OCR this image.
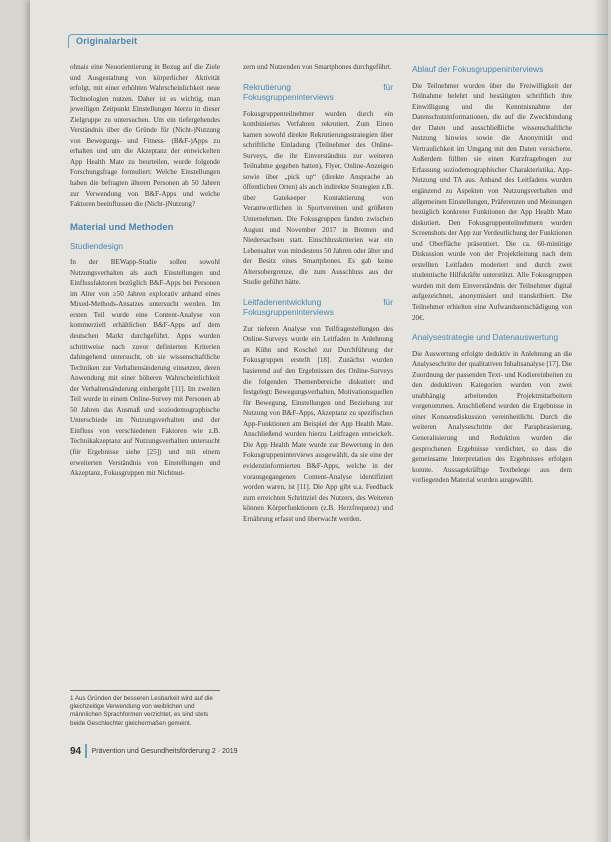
Originalarbeit

ohnais eine Neuorientierung in Bezug auf die Ziele und Ausgestaltung von körperlicher Aktivität erfolgt, mit einer erhöhten Wahrscheinlichkeit neue Technologien nutzen. Daher ist es wichtig, man jeweiligen Zeitpunkt Einstellungen hierzu in dieser Zielgruppe zu untersuchen. Um ein tiefergehendes Verständnis über die Gründe für (Nicht-)Nutzung von Bewegungs- und Fitness- (B&F-)Apps zu erhalten und um die Akzeptanz der entwickelten App Health Mate zu beurteilen, wurde folgende Forschungsfrage formuliert: Welche Einstellungen haben die befragten älteren Personen ab 50 Jahren zur Verwendung von B&F-Apps und welche Faktoren beeinflussen die (Nicht-)Nutzung?

Material und Methoden
Studiendesign

In der BEWapp-Studie sollen sowohl Nutzungsverhalten als auch Einstellungen und Einflussfaktoren bezüglich B&F-Apps bei Personen im Alter von ≥50 Jahren explorativ anhand eines Mixed-Methods-Ansatzes untersucht werden. Im ersten Teil wurde eine Content-Analyse von kommerziell erhältlichen B&F-Apps auf dem deutschen Markt durchgeführt. Apps wurden schrittweise nach zuvor definierten Kriterien dahingehend untersucht, ob sie wissenschaftliche Techniken zur Verhaltensänderung einsetzen, deren Anwendung mit einer höheren Wahrscheinlichkeit der Verhaltensänderung einhergeht [11]. Im zweiten Teil wurde in einem Online-Survey mit Personen ab 50 Jahren das Ausmaß und soziodemographische Unterschiede im Nutzungsverhalten und der Einfluss von verschiedenen Faktoren wie z.B. Technikakzeptanz auf Nutzungsverhalten untersucht (für Ergebnisse siehe [25]) und mit einem erweiterten Verständnis von Einstellungen und Akzeptanz, Fokusgruppen mit Nichtnut-

1 Aus Gründen der besseren Lesbarkeit wird auf die gleichzeitige Verwendung von weiblichen und männlichen Sprachformen verzichtet, es sind stets beide Geschlechter gleichermaßen gemeint.

zern und Nutzenden von Smartphones durchgeführt.

Rekrutierung für Fokusgruppeninterviews

Fokusgruppenteilnehmer wurden durch ein kombiniertes Verfahren rekrutiert. Zum Einen kamen sowohl direkte Rekrutierungsstrategien über schriftliche Einladung (Teilnehmer des Online-Surveys, die ihr Einverständnis zur weiteren Teilnahme gegeben hatten), Flyer, Online-Anzeigen sowie über „pick up“ (direkte Ansprache an öffentlichen Orten) als auch indirekte Strategien z.B. über Gatekeeper Kontaktierung von Verantwortlichen in Sportvereinen und größeren Unternehmen. Die Fokusgruppen fanden zwischen August und November 2017 in Bremen und Niedersachsen statt. Einschlusskriterien war ein Lebensalter von mindestens 50 Jahren oder älter und der Besitz eines Smartphones. Es gab keine Altersobergrenze, die zum Ausschluss aus der Studie geführt hätte.

Leitfadenentwicklung für Fokusgruppeninterviews

Zur tieferen Analyse von Teilfragestellungen des Online-Surveys wurde ein Leitfaden in Anlehnung an Kühn und Koschel zur Durchführung der Fokusgruppen erstellt [18]. Zunächst wurden basierend auf den Ergebnissen des Online-Surveys die folgenden Themenbereiche diskutiert und festgelegt: Bewegungsverhalten, Motivationsquellen für Bewegung, Einstellungen und Beziehung zur Nutzung von B&F-Apps, Akzeptanz zu spezifischen App-Funktionen am Beispiel der App Health Mate. Anschließend wurden hierzu Leitfragen entwickelt. Die App Health Mate wurde zur Bewertung in den Fokusgruppeninterviews ausgewählt, da sie eine der evidenzinformierten B&F-Apps, welche in der vorausgegangenen Content-Analyse identifiziert worden waren, ist [11]. Die App gibt u.a. Feedback zum erreichten Schrittziel des Nutzers, des Weiteren können Körperfunktionen (z.B. Herzfrequenz) und Ernährung erfasst und überwacht werden.

Ablauf der Fokusgruppeninterviews

Die Teilnehmer wurden über die Freiwilligkeit der Teilnahme belehrt und bestätigten schriftlich ihre Einwilligung und die Kenntnisnahme der Datenschutzinformationen, die auf die Zweckbindung der Daten und ausschließliche wissenschaftliche Nutzung hinwies sowie die Anonymität und Vertraulichkeit im Umgang mit den Daten versicherte. Außerdem füllten sie einen Kurzfragebogen zur Erfassung soziodemographischer Charakteristika, App-Nutzung und TA aus. Anhand des Leitfadens wurden ergänzend zu Aspekten von Nutzungsverhalten und allgemeinen Einstellungen, Präferenzen und Meinungen bezüglich konkreter Funktionen der App Health Mate diskutiert. Den Fokusgruppenteilnehmern wurden Screenshots der App zur Verdeutlichung der Funktionen und Oberfläche präsentiert. Die ca. 60-minütige Diskussion wurde von der Projektleitung nach dem erstellten Leitfaden moderiert und durch zwei studentische Hilfskräfte unterstützt. Alle Fokusgruppen wurden mit dem Einverständnis der Teilnehmer digital aufgezeichnet, anonymisiert und transkribiert. Die Teilnehmer erhielten eine Aufwandsentschädigung von 20€.

Analysestrategie und Datenauswertung

Die Auswertung erfolgte deduktiv in Anlehnung an die Analyseschritte der qualitativen Inhaltsanalyse [17]. Die Zuordnung der passenden Text- und Kodiereinheiten zu den deduktiven Kategorien wurden von zwei unabhängig arbeitenden Projektmitarbeitern vorgenommen. Anschließend wurden die Ergebnisse in einer Konsensdiskussion vereinheitlicht. Durch die weiteren Analyseschritte der Paraphrasierung, Generalisierung und Reduktion wurden die gesprochenen Ergebnisse verdichtet, so dass die gemeinsame Interpretation des Ergebnisses erfolgen konnte. Aussagekräftige Textbelege aus dem vorliegenden Material wurden ausgewählt.

94 Prävention und Gesundheitsförderung 2 · 2019
